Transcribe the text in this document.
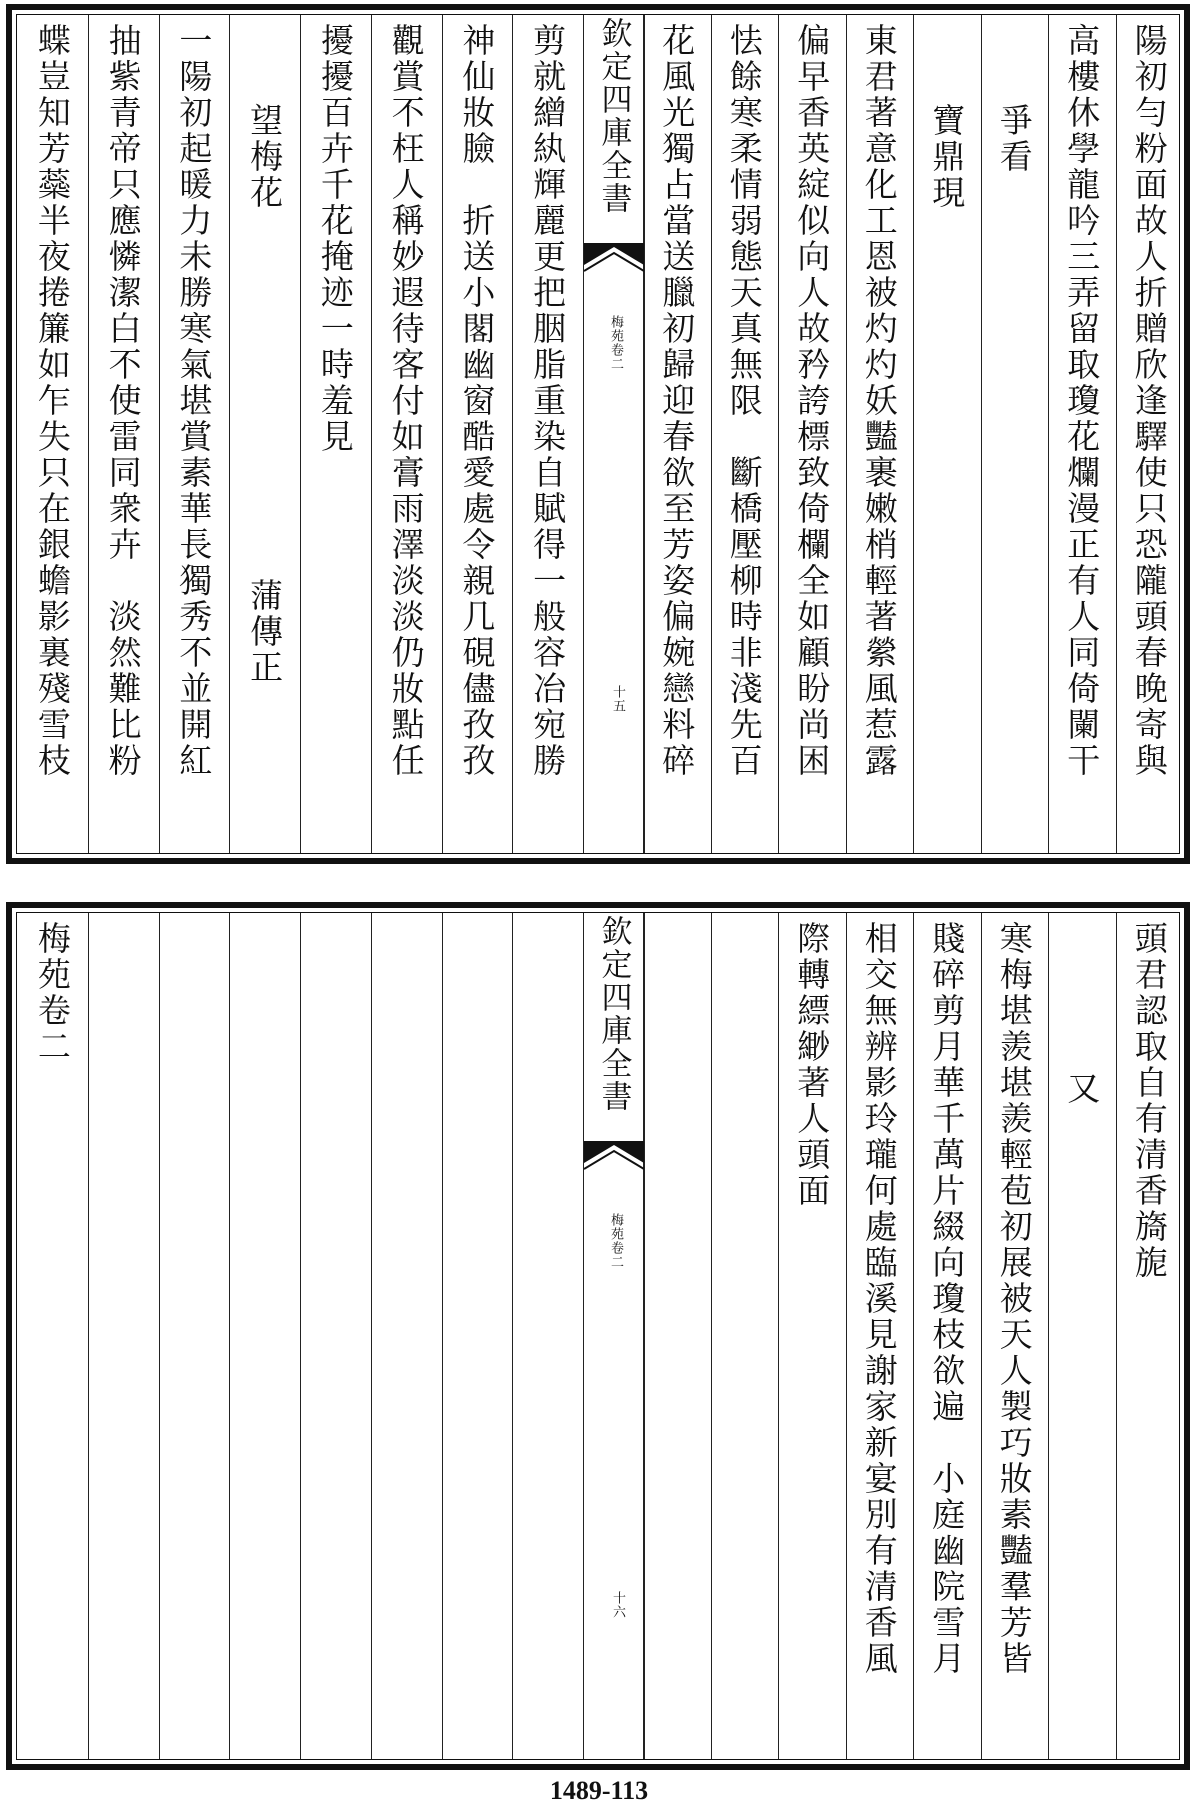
欽定四庫全書
梅苑卷二
十五	陽初勻粉面故人折贈欣逢驛使只恐隴頭春晚寄與
高樓休學龍吟三弄留取瓊花爛漫正有人同倚闌干
爭看
寶鼎現
東君著意化工恩被灼灼妖豔裹嫩梢輕著縈風惹露
偏早香英綻似向人故矜誇標致倚欄全如顧盼尚困
怯餘寒柔情弱態天真無限　斷橋壓柳時非淺先百
花風光獨占當送臘初歸迎春欲至芳姿偏婉戀料碎
剪就繒紈輝麗更把胭脂重染自賦得一般容冶宛勝
神仙妝臉　折送小閣幽窗酷愛處令親几硯儘孜孜
觀賞不枉人稱妙遐待客付如膏雨澤淡淡仍妝點任
擾擾百卉千花掩迹一時羞見
望梅花
蒲傳正
一陽初起暖力未勝寒氣堪賞素華長獨秀不並開紅
抽紫青帝只應憐潔白不使雷同衆卉　淡然難比粉
蝶豈知芳蘂半夜捲簾如乍失只在銀蟾影裏殘雪枝
欽定四庫全書
梅苑卷二
十六
頭君認取自有清香旖旎
又
寒梅堪羨堪羨輕苞初展被天人製巧妝素豔羣芳皆
賤碎剪月華千萬片綴向瓊枝欲遍　小庭幽院雪月
相交無辨影玲瓏何處臨溪見謝家新宴別有清香風
際轉縹緲著人頭面
梅苑卷二
1489-113
